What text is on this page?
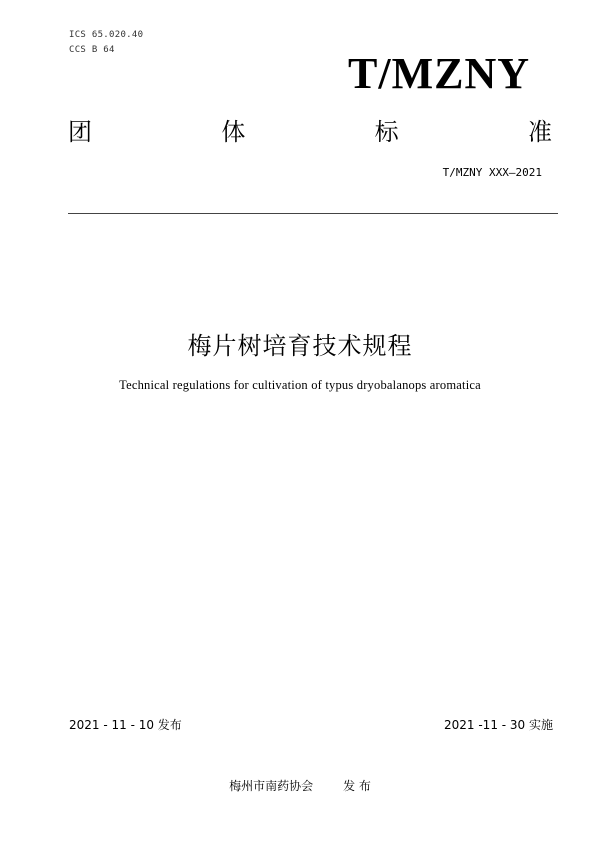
ICS 65.020.40
CCS B 64	T/MZNY
团	体	标	准
T/MZNY XXX—2021
梅片树培育技术规程
Technical regulations for cultivation of typus dryobalanops aromatica
2021 - 11 - 10 发布	2021 -11 - 30 实施
梅州市南药协会	发 布
